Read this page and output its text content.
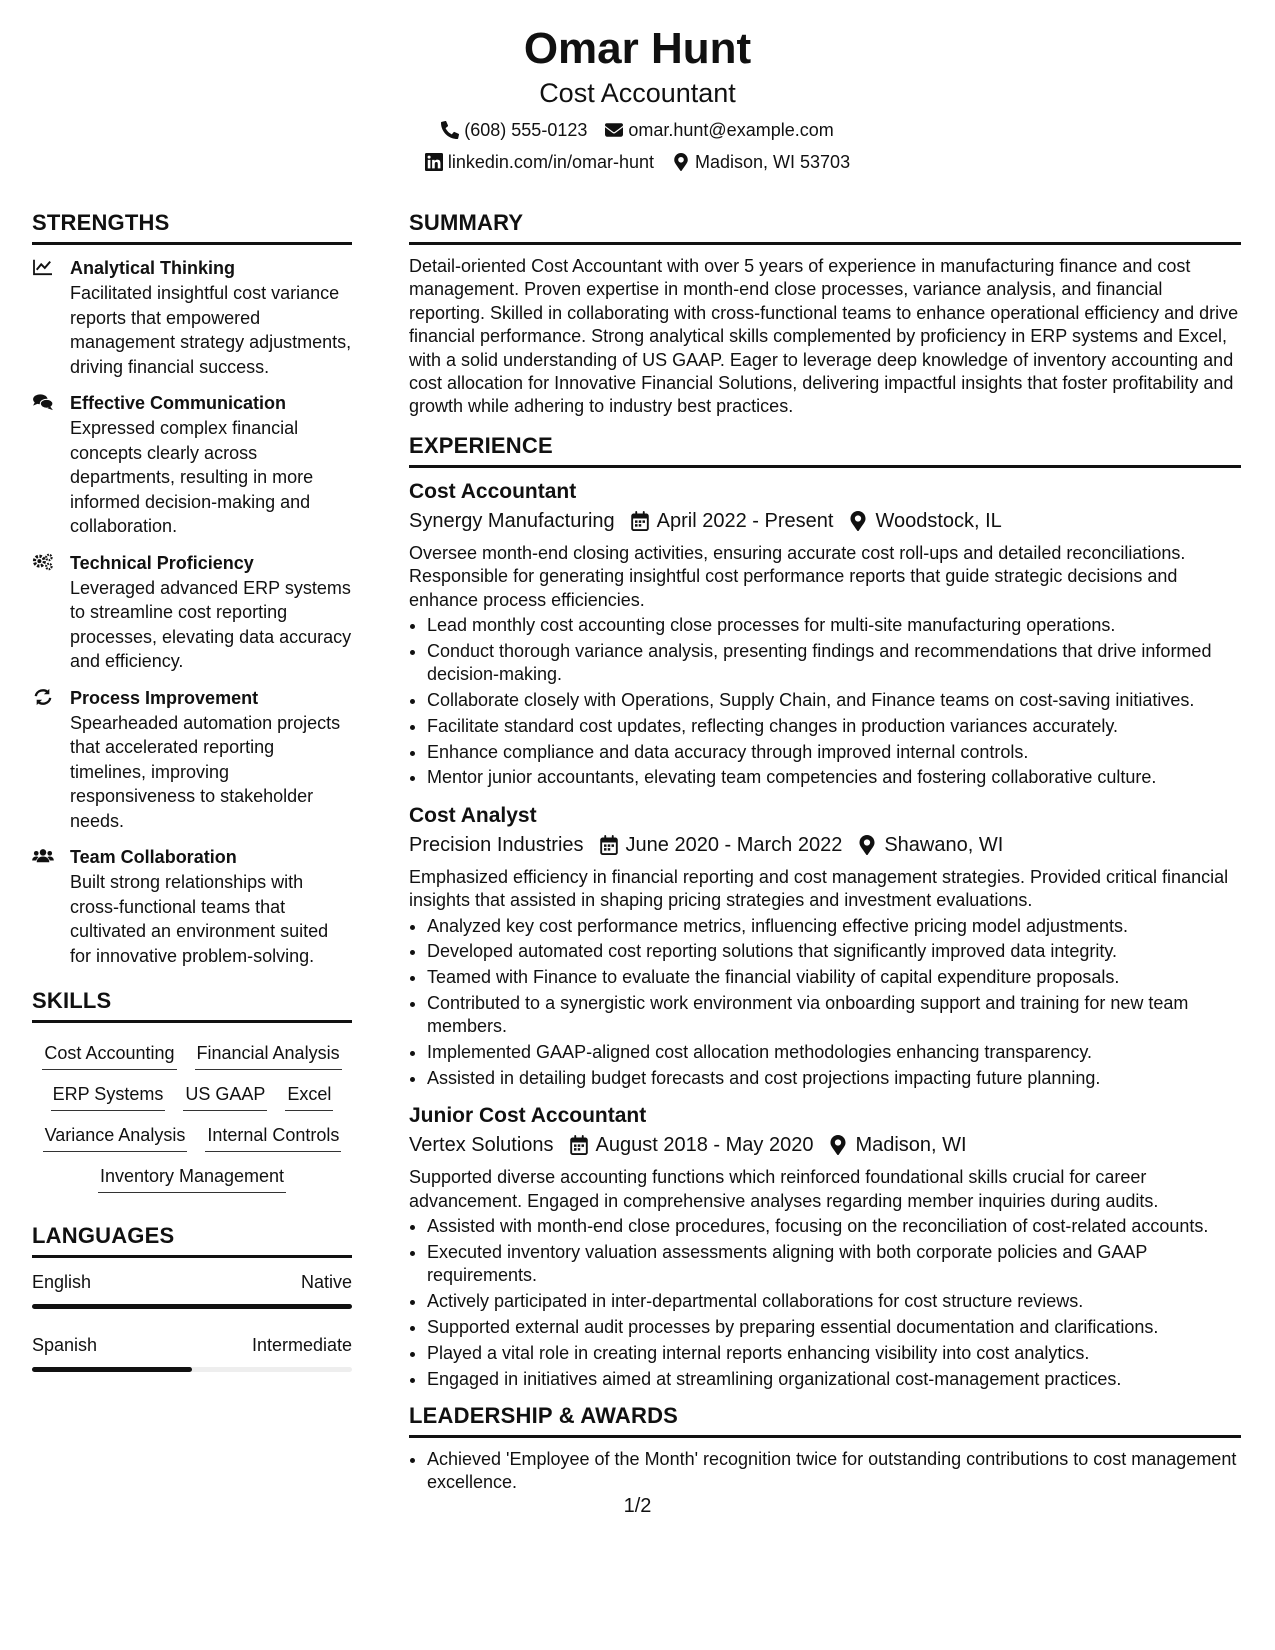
Omar Hunt
Cost Accountant
(608) 555-0123 omar.hunt@example.com
linkedin.com/in/omar-hunt Madison, WI 53703
STRENGTHS
Analytical Thinking
Facilitated insightful cost variance reports that empowered management strategy adjustments, driving financial success.
Effective Communication
Expressed complex financial concepts clearly across departments, resulting in more informed decision-making and collaboration.
Technical Proficiency
Leveraged advanced ERP systems to streamline cost reporting processes, elevating data accuracy and efficiency.
Process Improvement
Spearheaded automation projects that accelerated reporting timelines, improving responsiveness to stakeholder needs.
Team Collaboration
Built strong relationships with cross-functional teams that cultivated an environment suited for innovative problem-solving.
SKILLS
Cost Accounting Financial Analysis
ERP Systems US GAAP Excel
Variance Analysis Internal Controls
Inventory Management
LANGUAGES
English	Native
Spanish	Intermediate
SUMMARY
Detail-oriented Cost Accountant with over 5 years of experience in manufacturing finance and cost management. Proven expertise in month-end close processes, variance analysis, and financial reporting. Skilled in collaborating with cross-functional teams to enhance operational efficiency and drive financial performance. Strong analytical skills complemented by proficiency in ERP systems and Excel, with a solid understanding of US GAAP. Eager to leverage deep knowledge of inventory accounting and cost allocation for Innovative Financial Solutions, delivering impactful insights that foster profitability and growth while adhering to industry best practices.
EXPERIENCE
Cost Accountant
Synergy Manufacturing April 2022 - Present Woodstock, IL
Oversee month-end closing activities, ensuring accurate cost roll-ups and detailed reconciliations. Responsible for generating insightful cost performance reports that guide strategic decisions and enhance process efficiencies.
• Lead monthly cost accounting close processes for multi-site manufacturing operations.
• Conduct thorough variance analysis, presenting findings and recommendations that drive informed decision-making.
• Collaborate closely with Operations, Supply Chain, and Finance teams on cost-saving initiatives.
• Facilitate standard cost updates, reflecting changes in production variances accurately.
• Enhance compliance and data accuracy through improved internal controls.
• Mentor junior accountants, elevating team competencies and fostering collaborative culture.
Cost Analyst
Precision Industries June 2020 - March 2022 Shawano, WI
Emphasized efficiency in financial reporting and cost management strategies. Provided critical financial insights that assisted in shaping pricing strategies and investment evaluations.
• Analyzed key cost performance metrics, influencing effective pricing model adjustments.
• Developed automated cost reporting solutions that significantly improved data integrity.
• Teamed with Finance to evaluate the financial viability of capital expenditure proposals.
• Contributed to a synergistic work environment via onboarding support and training for new team members.
• Implemented GAAP-aligned cost allocation methodologies enhancing transparency.
• Assisted in detailing budget forecasts and cost projections impacting future planning.
Junior Cost Accountant
Vertex Solutions August 2018 - May 2020 Madison, WI
Supported diverse accounting functions which reinforced foundational skills crucial for career advancement. Engaged in comprehensive analyses regarding member inquiries during audits.
• Assisted with month-end close procedures, focusing on the reconciliation of cost-related accounts.
• Executed inventory valuation assessments aligning with both corporate policies and GAAP requirements.
• Actively participated in inter-departmental collaborations for cost structure reviews.
• Supported external audit processes by preparing essential documentation and clarifications.
• Played a vital role in creating internal reports enhancing visibility into cost analytics.
• Engaged in initiatives aimed at streamlining organizational cost-management practices.
LEADERSHIP & AWARDS
• Achieved 'Employee of the Month' recognition twice for outstanding contributions to cost management excellence.
1/2
